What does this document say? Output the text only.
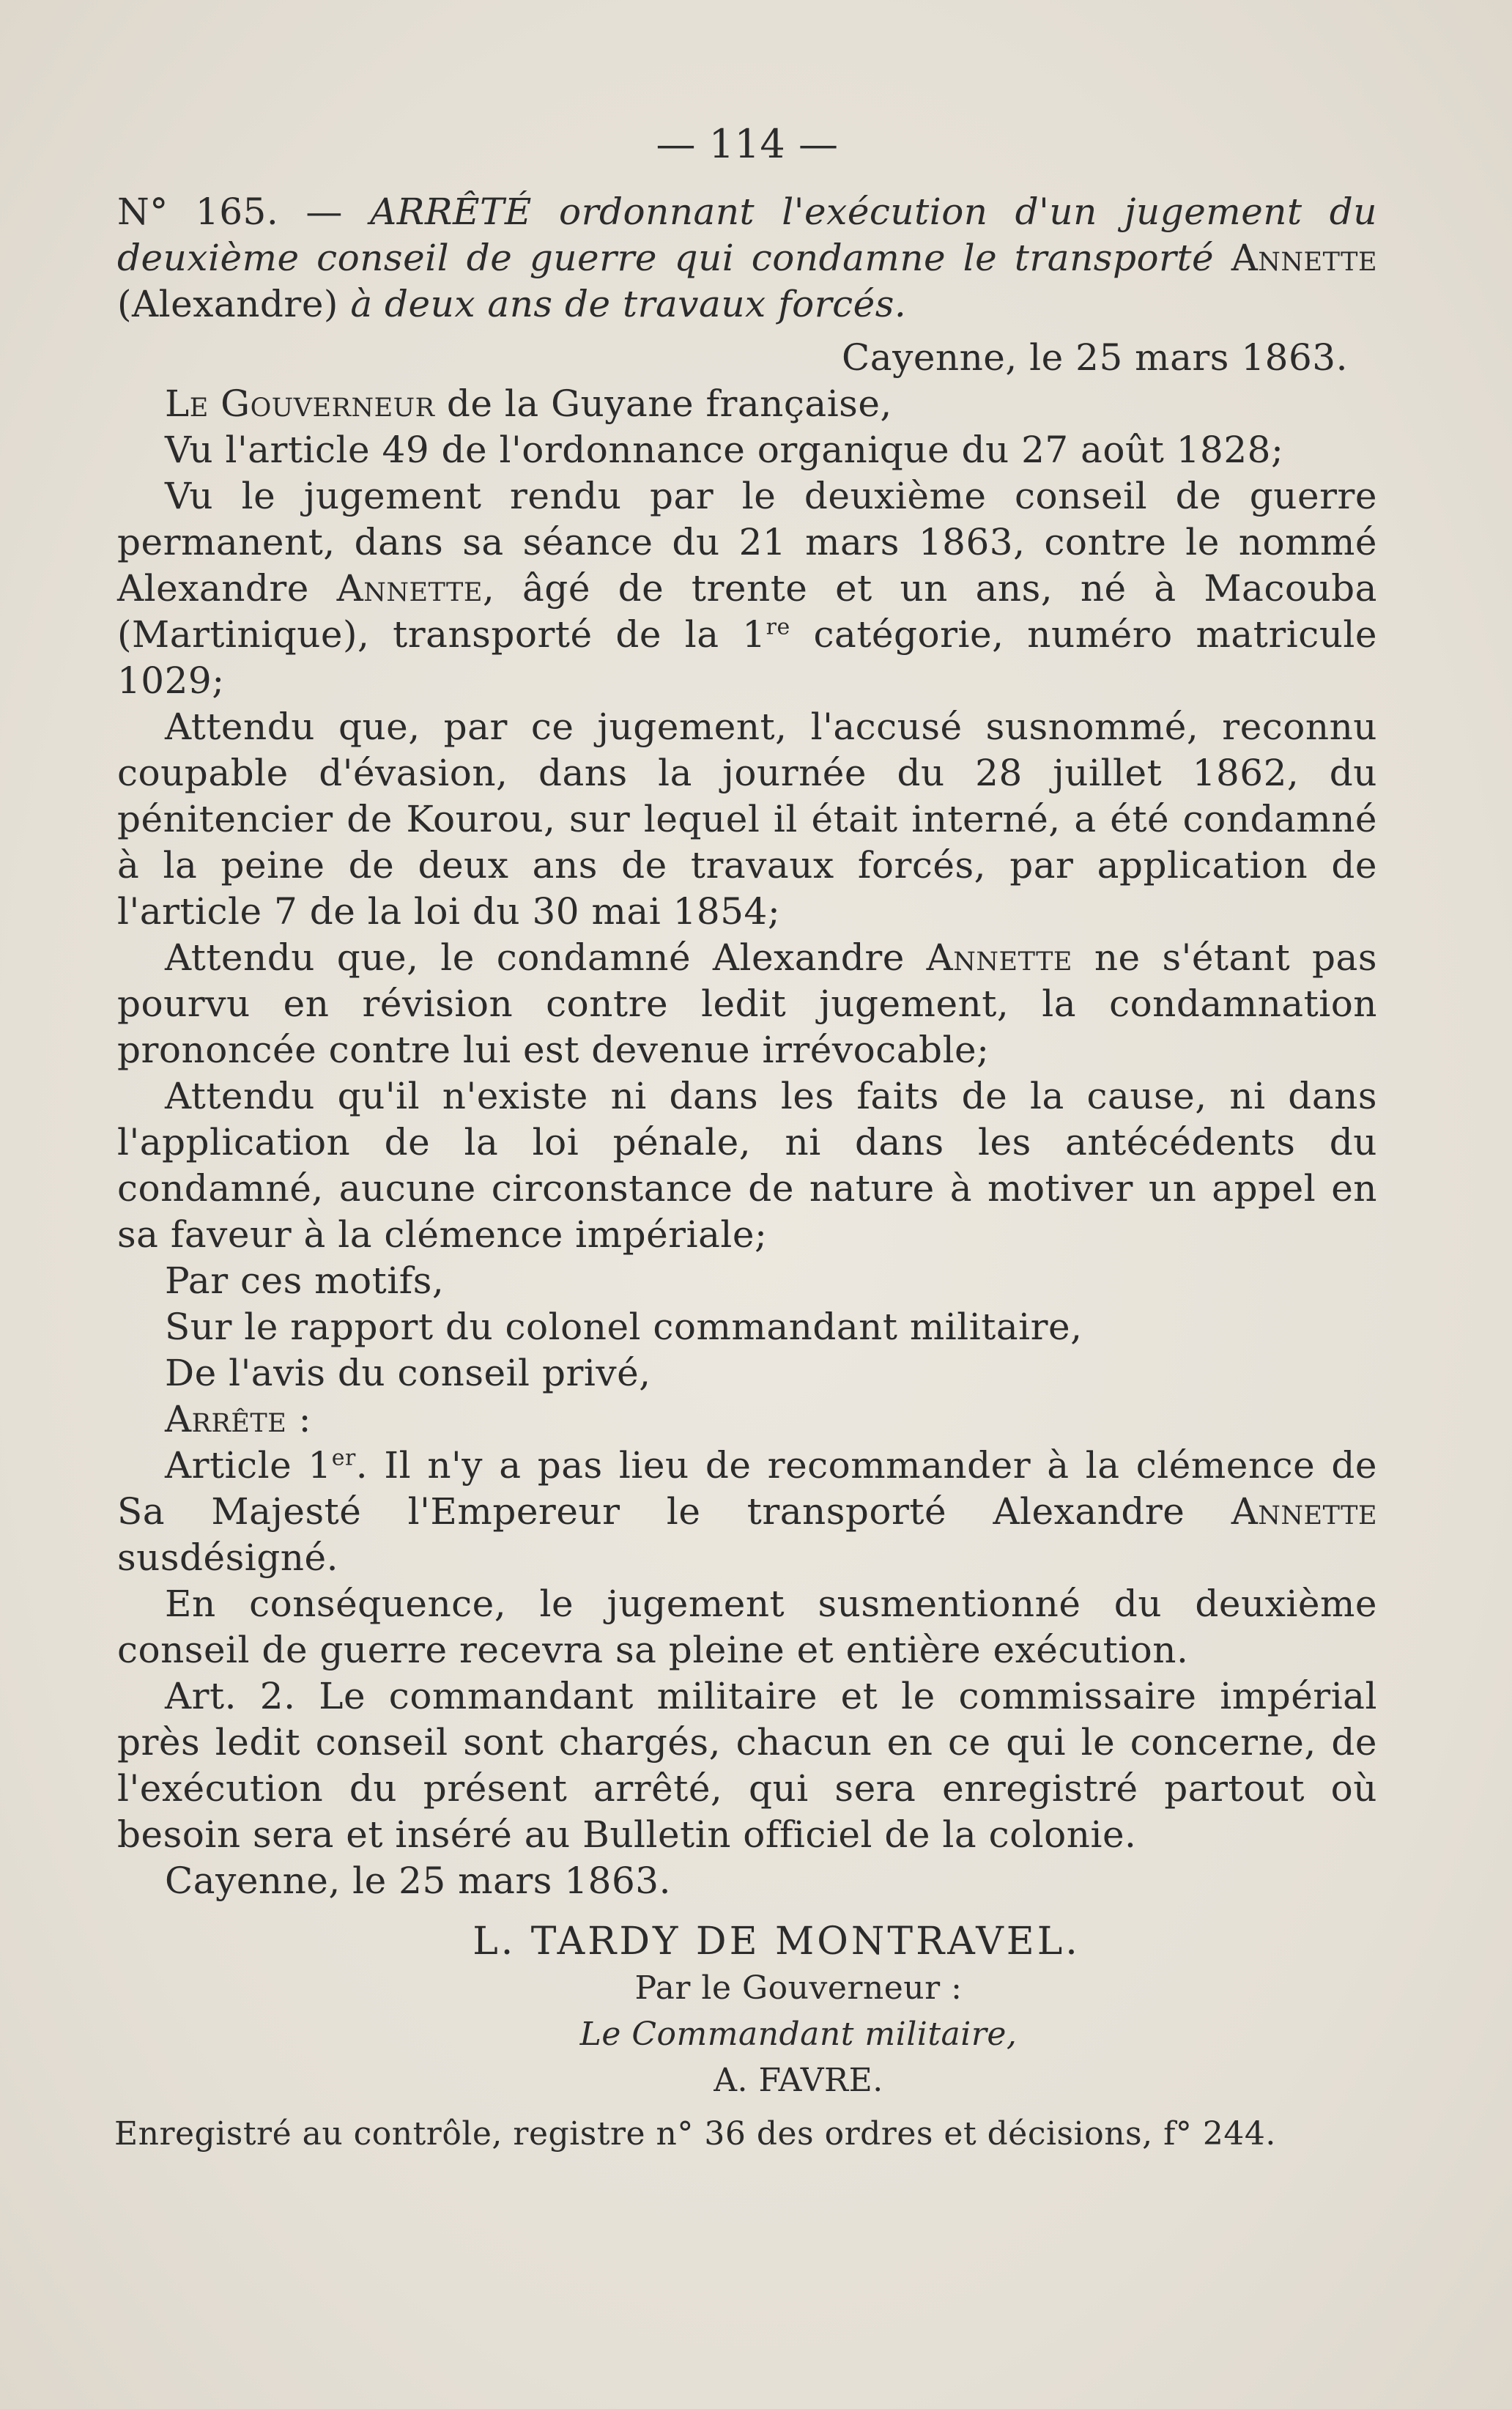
— 114 —

N° 165. — ARRÊTÉ ordonnant l'exécution d'un jugement du deuxième conseil de guerre qui condamne le transporté Annette (Alexandre) à deux ans de travaux forcés.

Cayenne, le 25 mars 1863.

Le Gouverneur de la Guyane française,

Vu l'article 49 de l'ordonnance organique du 27 août 1828;

Vu le jugement rendu par le deuxième conseil de guerre permanent, dans sa séance du 21 mars 1863, contre le nommé Alexandre Annette, âgé de trente et un ans, né à Macouba (Martinique), transporté de la 1re catégorie, numéro matricule 1029;

Attendu que, par ce jugement, l'accusé susnommé, reconnu coupable d'évasion, dans la journée du 28 juillet 1862, du pénitencier de Kourou, sur lequel il était interné, a été condamné à la peine de deux ans de travaux forcés, par application de l'article 7 de la loi du 30 mai 1854;

Attendu que, le condamné Alexandre Annette ne s'étant pas pourvu en révision contre ledit jugement, la condamnation prononcée contre lui est devenue irrévocable;

Attendu qu'il n'existe ni dans les faits de la cause, ni dans l'application de la loi pénale, ni dans les antécédents du condamné, aucune circonstance de nature à motiver un appel en sa faveur à la clémence impériale;

Par ces motifs,

Sur le rapport du colonel commandant militaire,

De l'avis du conseil privé,

Arrête :

Article 1er. Il n'y a pas lieu de recommander à la clémence de Sa Majesté l'Empereur le transporté Alexandre Annette susdésigné.

En conséquence, le jugement susmentionné du deuxième conseil de guerre recevra sa pleine et entière exécution.

Art. 2. Le commandant militaire et le commissaire impérial près ledit conseil sont chargés, chacun en ce qui le concerne, de l'exécution du présent arrêté, qui sera enregistré partout où besoin sera et inséré au Bulletin officiel de la colonie.

Cayenne, le 25 mars 1863.

L. TARDY DE MONTRAVEL.
Par le Gouverneur :
Le Commandant militaire,
A. FAVRE.
Enregistré au contrôle, registre n° 36 des ordres et décisions, f° 244.
